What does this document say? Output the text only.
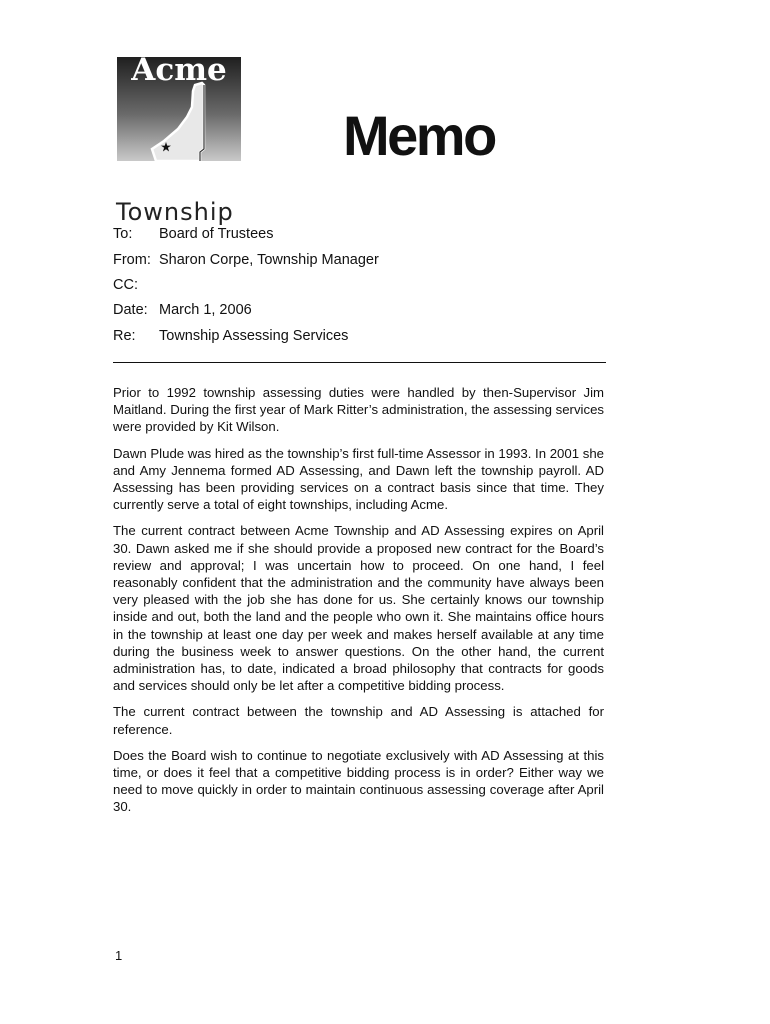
Acme
Township
Memo
To: Board of Trustees
From: Sharon Corpe, Township Manager
CC:
Date: March 1, 2006
Re: Township Assessing Services

Prior to 1992 township assessing duties were handled by then-Supervisor Jim Maitland. During the first year of Mark Ritter’s administration, the assessing services were provided by Kit Wilson.

Dawn Plude was hired as the township’s first full-time Assessor in 1993. In 2001 she and Amy Jennema formed AD Assessing, and Dawn left the township payroll. AD Assessing has been providing services on a contract basis since that time. They currently serve a total of eight townships, including Acme.

The current contract between Acme Township and AD Assessing expires on April 30. Dawn asked me if she should provide a proposed new contract for the Board’s review and approval; I was uncertain how to proceed. On one hand, I feel reasonably confident that the administration and the community have always been very pleased with the job she has done for us. She certainly knows our township inside and out, both the land and the people who own it. She maintains office hours in the township at least one day per week and makes herself available at any time during the business week to answer questions. On the other hand, the current administration has, to date, indicated a broad philosophy that contracts for goods and services should only be let after a competitive bidding process.

The current contract between the township and AD Assessing is attached for reference.

Does the Board wish to continue to negotiate exclusively with AD Assessing at this time, or does it feel that a competitive bidding process is in order? Either way we need to move quickly in order to maintain continuous assessing coverage after April 30.

1
